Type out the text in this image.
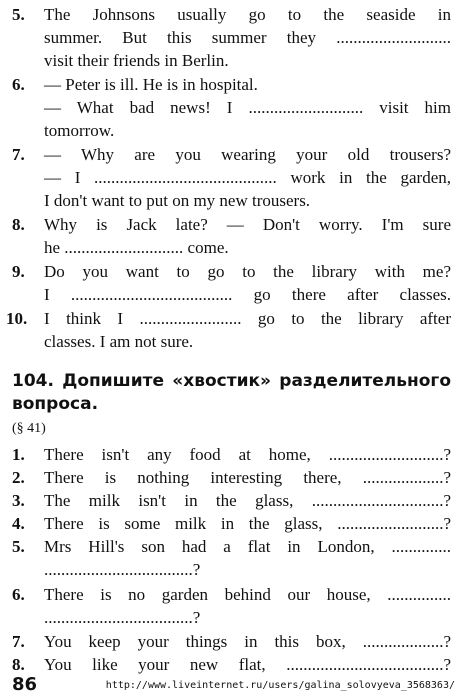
5. The Johnsons usually go to the seaside in
summer. But this summer they ...........................
visit their friends in Berlin.
6. — Peter is ill. He is in hospital.
— What bad news! I ........................... visit him
tomorrow.
7. — Why are you wearing your old trousers?
— I ........................................... work in the garden,
I don't want to put on my new trousers.
8. Why is Jack late? — Don't worry. I'm sure
he ............................ come.
9. Do you want to go to the library with me?
I ...................................... go there after classes.
10. I think I ........................ go to the library after
classes. I am not sure.
104. Допишите «хвостик» разделительного
вопроса.
(§ 41)
1. There isn't any food at home, ...........................?
2. There is nothing interesting there, ...................?
3. The milk isn't in the glass, ...............................?
4. There is some milk in the glass, .........................?
5. Mrs Hill's son had a flat in London, ..............
...................................?
6. There is no garden behind our house, ...............
...................................?
7. You keep your things in this box, ...................?
8. You like your new flat, .....................................?
86	http://www.liveinternet.ru/users/galina_solovyeva_3568363/
